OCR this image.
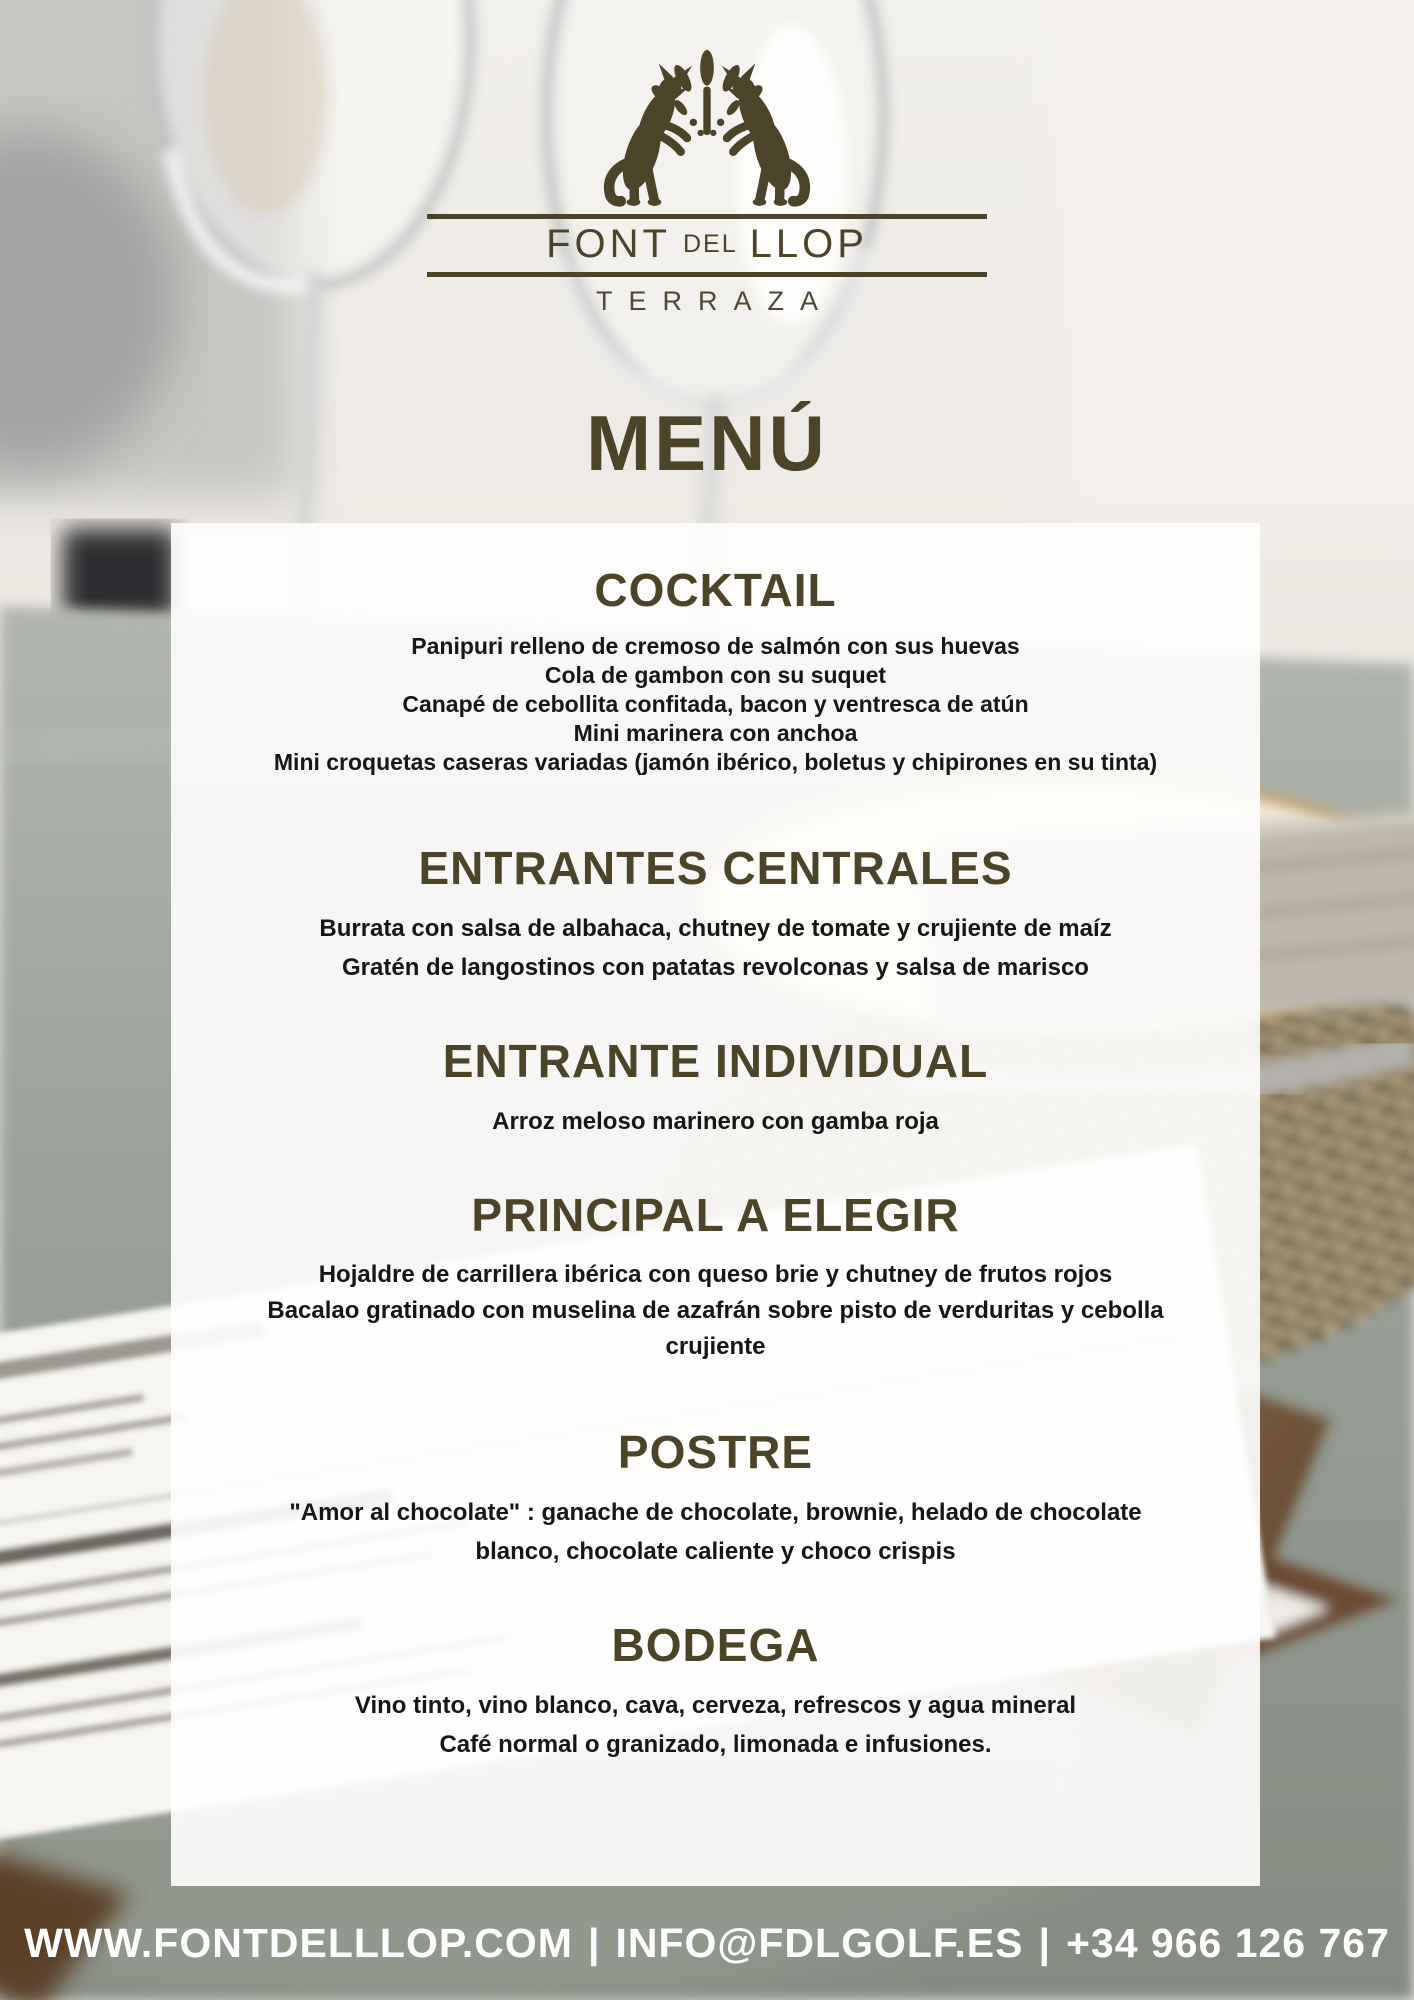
FONT DEL LLOP
TERRAZA
MENÚ
COCKTAIL

Panipuri relleno de cremoso de salmón con sus huevas

Cola de gambon con su suquet

Canapé de cebollita confitada, bacon y ventresca de atún

Mini marinera con anchoa

Mini croquetas caseras variadas (jamón ibérico, boletus y chipirones en su tinta)

ENTRANTES CENTRALES

Burrata con salsa de albahaca, chutney de tomate y crujiente de maíz

Gratén de langostinos con patatas revolconas y salsa de marisco

ENTRANTE INDIVIDUAL

Arroz meloso marinero con gamba roja

PRINCIPAL A ELEGIR

Hojaldre de carrillera ibérica con queso brie y chutney de frutos rojos

Bacalao gratinado con muselina de azafrán sobre pisto de verduritas y cebolla crujiente

POSTRE

"Amor al chocolate" : ganache de chocolate, brownie, helado de chocolate blanco, chocolate caliente y choco crispis

BODEGA

Vino tinto, vino blanco, cava, cerveza, refrescos y agua mineral

Café normal o granizado, limonada e infusiones.

WWW.FONTDELLLOP.COM | INFO@FDLGOLF.ES | +34 966 126 767
